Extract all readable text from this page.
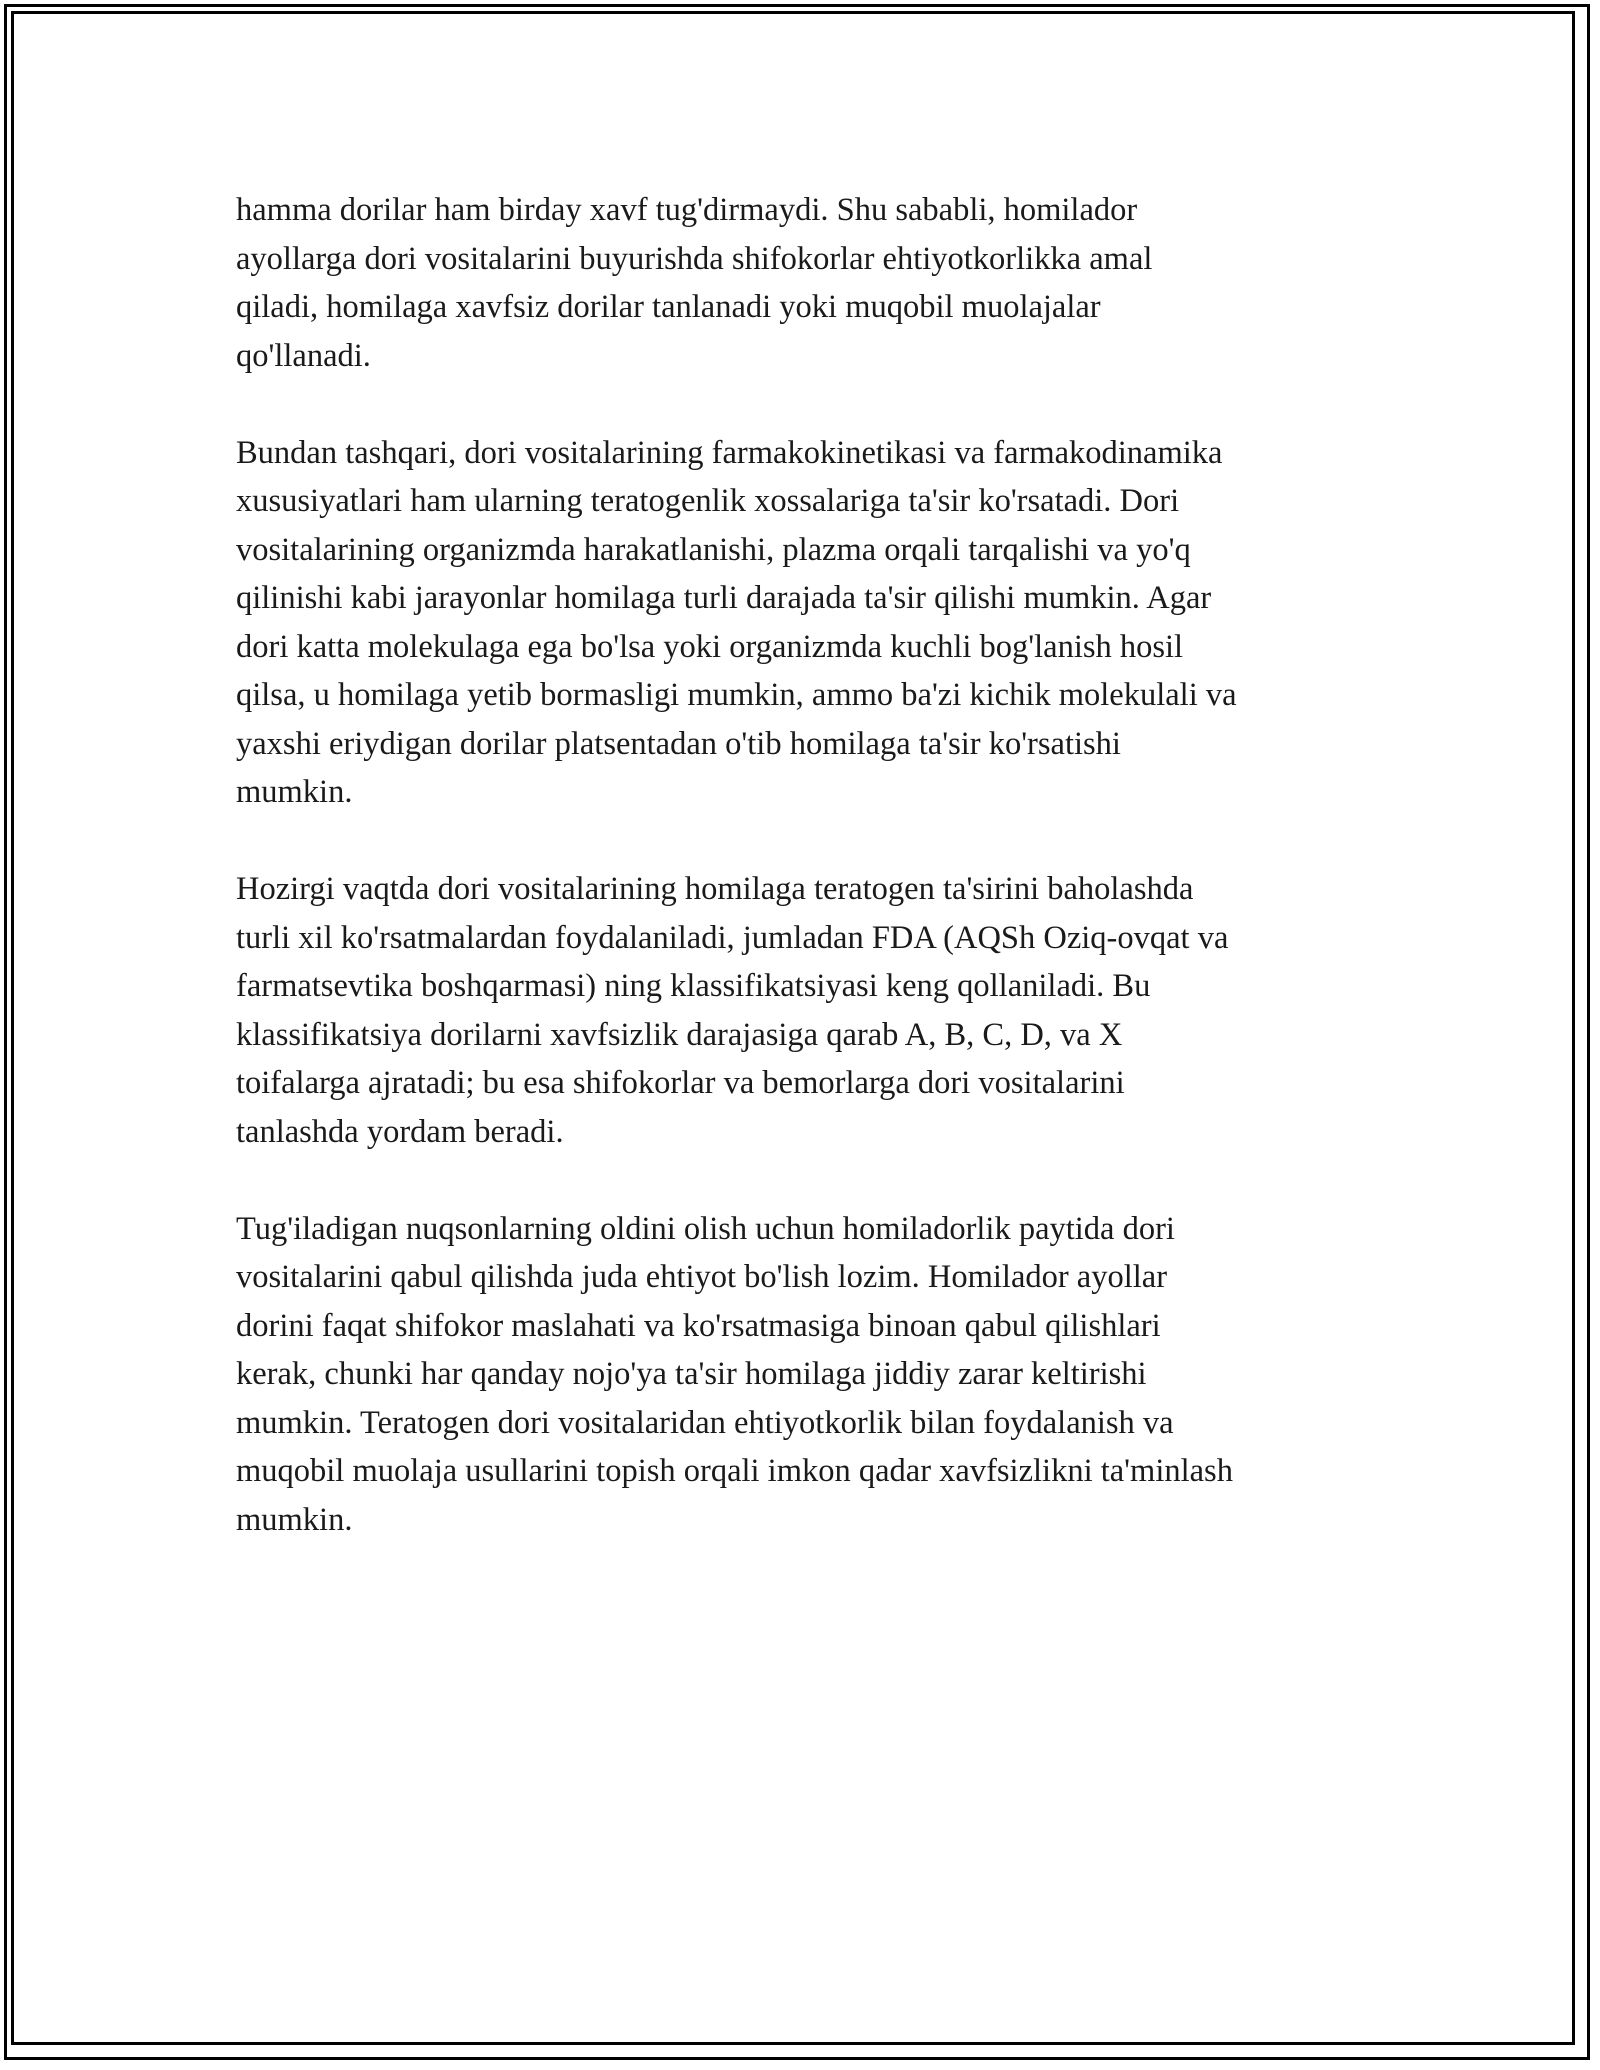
hamma dorilar ham birday xavf tug'dirmaydi. Shu sababli, homilador
ayollarga dori vositalarini buyurishda shifokorlar ehtiyotkorlikka amal
qiladi, homilaga xavfsiz dorilar tanlanadi yoki muqobil muolajalar
qo'llanadi.

Bundan tashqari, dori vositalarining farmakokinetikasi va farmakodinamika
xususiyatlari ham ularning teratogenlik xossalariga ta'sir ko'rsatadi. Dori
vositalarining organizmda harakatlanishi, plazma orqali tarqalishi va yo'q
qilinishi kabi jarayonlar homilaga turli darajada ta'sir qilishi mumkin. Agar
dori katta molekulaga ega bo'lsa yoki organizmda kuchli bog'lanish hosil
qilsa, u homilaga yetib bormasligi mumkin, ammo ba'zi kichik molekulali va
yaxshi eriydigan dorilar platsentadan o'tib homilaga ta'sir ko'rsatishi
mumkin.

Hozirgi vaqtda dori vositalarining homilaga teratogen ta'sirini baholashda
turli xil ko'rsatmalardan foydalaniladi, jumladan FDA (AQSh Oziq-ovqat va
farmatsevtika boshqarmasi) ning klassifikatsiyasi keng qollaniladi. Bu
klassifikatsiya dorilarni xavfsizlik darajasiga qarab A, B, C, D, va X
toifalarga ajratadi; bu esa shifokorlar va bemorlarga dori vositalarini
tanlashda yordam beradi.

Tug'iladigan nuqsonlarning oldini olish uchun homiladorlik paytida dori
vositalarini qabul qilishda juda ehtiyot bo'lish lozim. Homilador ayollar
dorini faqat shifokor maslahati va ko'rsatmasiga binoan qabul qilishlari
kerak, chunki har qanday nojo'ya ta'sir homilaga jiddiy zarar keltirishi
mumkin. Teratogen dori vositalaridan ehtiyotkorlik bilan foydalanish va
muqobil muolaja usullarini topish orqali imkon qadar xavfsizlikni ta'minlash
mumkin.
